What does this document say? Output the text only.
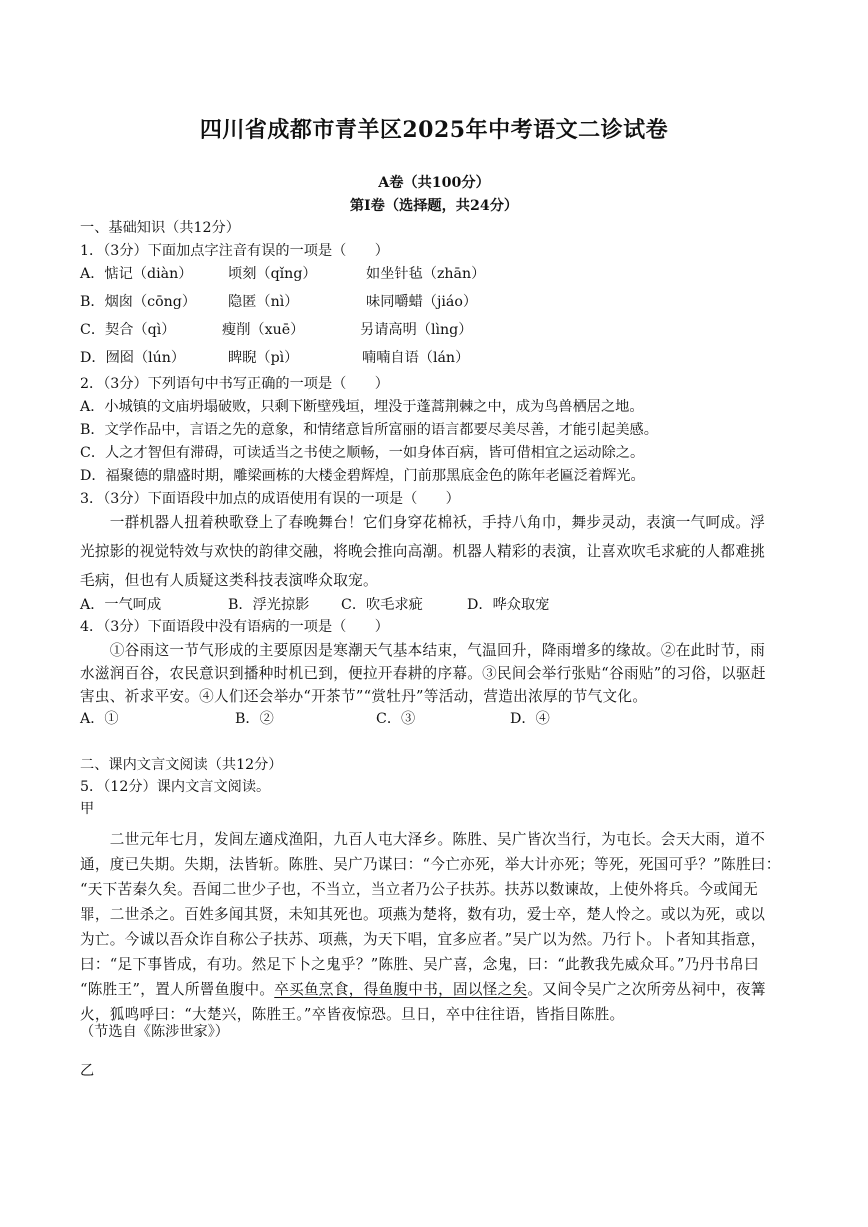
四川省成都市青羊区2025年中考语文二诊试卷
A卷（共100分）
第Ⅰ卷（选择题，共24分）
一、基础知识（共12分）
1．（3分）下面加点字注音有误的一项是（　　）
A．惦记（diàn）	顷刻（qǐng）	如坐针毡（zhān）
B．烟囱（cōng） 隐匿（nì）	味同嚼蜡（jiáo）
C．契合（qì）	瘦削（xuē）	另请高明（lìng）
D．囫囵（lún）	睥睨（pì）	喃喃自语（lán）
2．（3分）下列语句中书写正确的一项是（　　）
A．小城镇的文庙坍塌破败，只剩下断壁残垣，埋没于蓬蒿荆棘之中，成为鸟兽栖居之地。
B．文学作品中，言语之先的意象，和情绪意旨所富丽的语言都要尽美尽善，才能引起美感。
C．人之才智但有滞碍，可读适当之书使之顺畅，一如身体百病，皆可借相宜之运动除之。
D．福聚德的鼎盛时期，雕梁画栋的大楼金碧辉煌，门前那黑底金色的陈年老匾泛着辉光。
3．（3分）下面语段中加点的成语使用有误的一项是（　　）

　　一群机器人扭着秧歌登上了春晚舞台！它们身穿花棉袄，手持八角巾，舞步灵动，表演一气呵成。浮

光掠影的视觉特效与欢快的韵律交融，将晚会推向高潮。机器人精彩的表演，让喜欢吹毛求疵的人都难挑

毛病，但也有人质疑这类科技表演哗众取宠。

A．一气呵成	B．浮光掠影 C．吹毛求疵	D．哗众取宠
4．（3分）下面语段中没有语病的一项是（　　）

　　①谷雨这一节气形成的主要原因是寒潮天气基本结束，气温回升，降雨增多的缘故。②在此时节，雨

水滋润百谷，农民意识到播种时机已到，便拉开春耕的序幕。③民间会举行张贴“谷雨贴”的习俗，以驱赶

害虫、祈求平安。④人们还会举办“开茶节”“赏牡丹”等活动，营造出浓厚的节气文化。

A．①	B．②	C．③	D．④
二、课内文言文阅读（共12分）
5．（12分）课内文言文阅读。
甲

　　二世元年七月，发闾左適戍渔阳，九百人屯大泽乡。陈胜、吴广皆次当行，为屯长。会天大雨，道不

通，度已失期。失期，法皆斩。陈胜、吴广乃谋曰：“今亡亦死，举大计亦死；等死，死国可乎？”陈胜曰：

“天下苦秦久矣。吾闻二世少子也，不当立，当立者乃公子扶苏。扶苏以数谏故，上使外将兵。今或闻无

罪，二世杀之。百姓多闻其贤，未知其死也。项燕为楚将，数有功，爱士卒，楚人怜之。或以为死，或以

为亡。今诚以吾众诈自称公子扶苏、项燕，为天下唱，宜多应者。”吴广以为然。乃行卜。卜者知其指意，

曰：“足下事皆成，有功。然足下卜之鬼乎？”陈胜、吴广喜，念鬼，曰：“此教我先威众耳。”乃丹书帛曰

“陈胜王”，置人所罾鱼腹中。卒买鱼烹食，得鱼腹中书，固以怪之矣。又间令吴广之次所旁丛祠中，夜篝

火，狐鸣呼曰：“大楚兴，陈胜王。”卒皆夜惊恐。旦日，卒中往往语，皆指目陈胜。

（节选自《陈涉世家》）
乙
